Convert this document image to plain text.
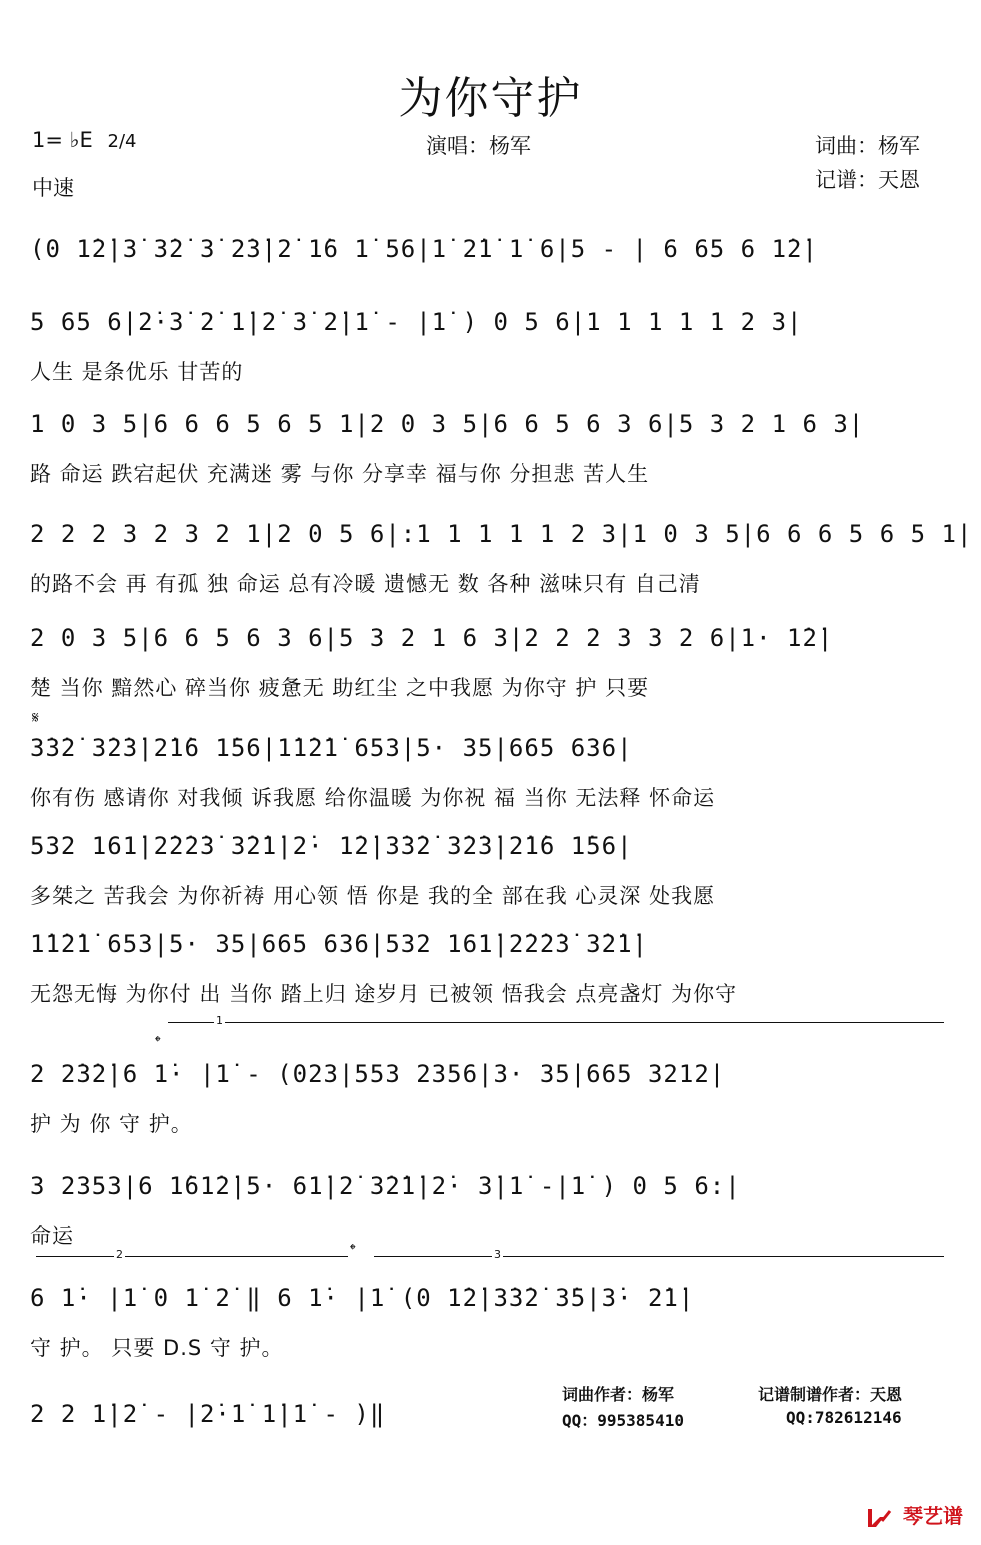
为你守护
1= ♭E 2/4
中速
演唱：杨军	词曲：杨军
记谱：天恩
(0 1̇2̇|3̇ 3̇2̇ 3̇ 2̇3̇|2̇ 1̇6 1̇ 56|1̇ 2̇1̇ 1̇ 6|5 - | 6 65 6 1̇2̇|
5 65 6|2̇·3̇ 2̇ 1̇|2̇ 3̇ 2̇|1̇ - |1̇ ) 0 5 6|1 1 1 1 1 2 3|
人生 是条优乐 甘苦的
1 0 3 5|6 6 6 5 6 5 1|2 0 3 5|6 6 5 6 3 6|5 3 2 1 6 3|
路 命运 跌宕起伏 充满迷 雾 与你 分享幸 福与你 分担悲 苦人生
2 2 2 3 2 3 2 1|2 0 5 6|:1 1 1 1 1 2 3|1 0 3 5|6 6 6 5 6 5 1|
的路不会 再 有孤 独 命运 总有冷暖 遗憾无 数 各种 滋味只有 自己清
2 0 3 5|6 6 5 6 3 6|5 3 2 1 6 3|2 2 2 3 3 2 6|1· 1̇2̇|
楚 当你 黯然心 碎当你 疲惫无 助红尘 之中我愿 为你守 护 只要
𝄋
3̇3̇2̇ 3̇2̇3̇|2̇1̇6 1̇56|1̇1̇2̇1̇ 653|5· 35|665 636|
你有伤 感请你 对我倾 诉我愿 给你温暖 为你祝 福 当你 无法释 怀命运
532 161̇|2̇2̇2̇3̇ 3̇2̇1̇|2̇· 1̇2̇|3̇3̇2̇ 3̇2̇3̇|2̇1̇6 1̇56|
多桀之 苦我会 为你祈祷 用心领 悟 你是 我的全 部在我 心灵深 处我愿
1̇1̇2̇1̇ 653|5· 35|665 636|532 161̇|2̇2̇2̇3̇ 3̇2̇1̇|
无怨无悔 为你付 出 当你 踏上归 途岁月 已被领 悟我会 点亮盏灯 为你守
1
𝄌
2 2̇3̇2̇|6 1̇· |1̇ - (023|553 2356|3· 35|665 3212|
护 为 你 守 护。
3 2353|6 1̇61̇2̇|5· 61̇|2̇ 3̇2̇1̇|2̇· 3̇|1̇ -|1̇ ) 0 5 6:|
命运
2	𝄌	3
6 1̇· |1̇ 0 1̇ 2̇ ‖ 6 1̇· |1̇ (0 1̇2̇|3̇3̇2̇ 3̇5|3̇· 2̇1̇|
守 护。 只要 D.S 守 护。
2 2 1̇|2̇ - |2̇·1̇ 1̇|1̇ - )‖
词曲作者：杨军
QQ：995385410
记谱制谱作者：天恩
QQ:782612146
琴艺谱
